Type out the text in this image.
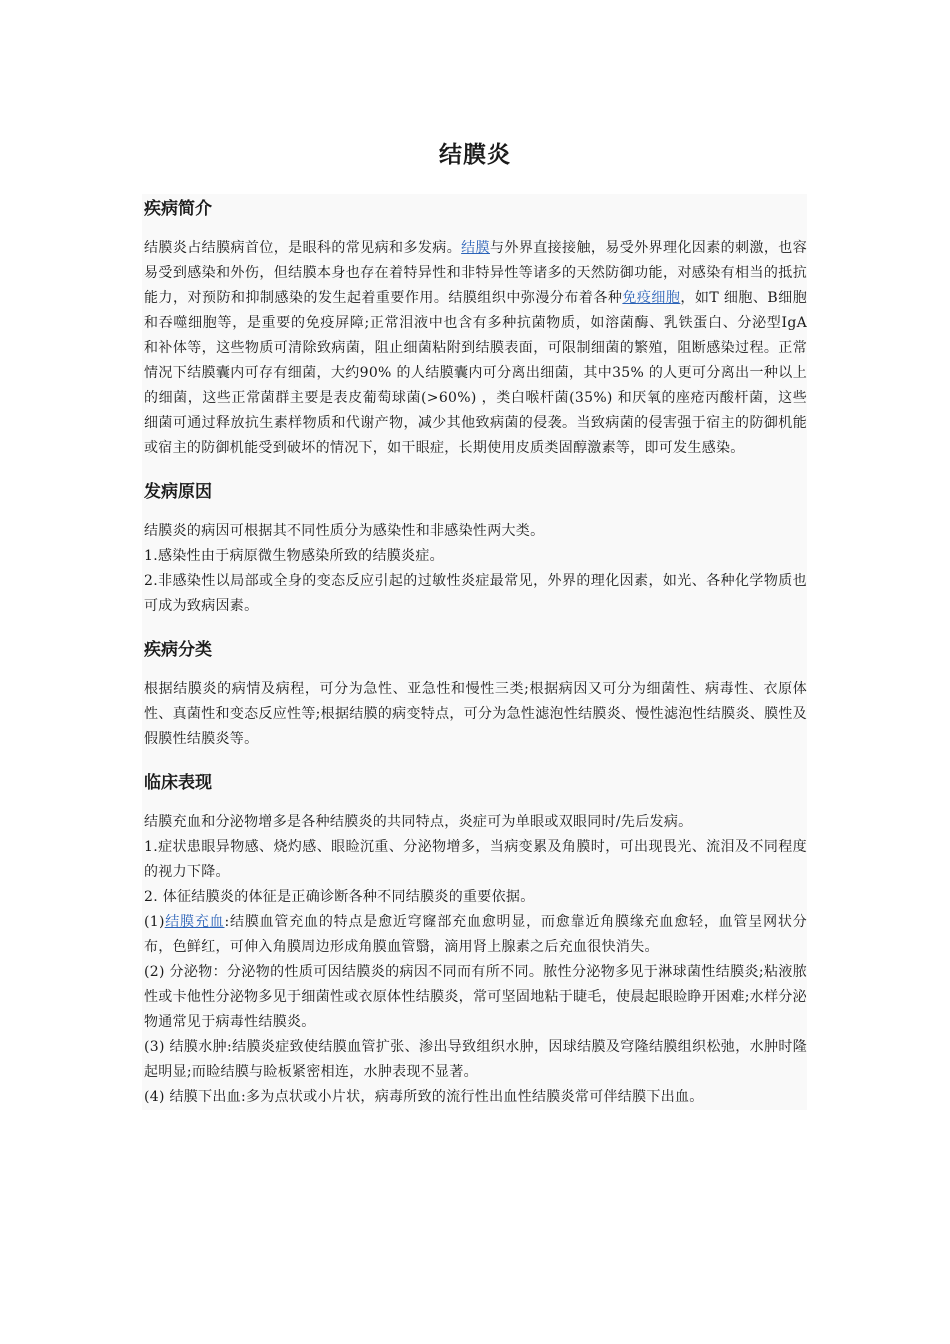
结膜炎
疾病简介

结膜炎占结膜病首位，是眼科的常见病和多发病。结膜与外界直接接触，易受外界理化因素的刺激，也容易受到感染和外伤，但结膜本身也存在着特异性和非特异性等诸多的天然防御功能，对感染有相当的抵抗能力，对预防和抑制感染的发生起着重要作用。结膜组织中弥漫分布着各种免疫细胞，如T 细胞、B细胞和吞噬细胞等，是重要的免疫屏障;正常泪液中也含有多种抗菌物质，如溶菌酶、乳铁蛋白、分泌型IgA 和补体等，这些物质可清除致病菌，阻止细菌粘附到结膜表面，可限制细菌的繁殖，阻断感染过程。正常情况下结膜囊内可存有细菌，大约90% 的人结膜囊内可分离出细菌，其中35% 的人更可分离出一种以上的细菌，这些正常菌群主要是表皮葡萄球菌(>60%) ，类白喉杆菌(35%) 和厌氧的座疮丙酸杆菌，这些细菌可通过释放抗生素样物质和代谢产物，减少其他致病菌的侵袭。当致病菌的侵害强于宿主的防御机能或宿主的防御机能受到破坏的情况下，如干眼症，长期使用皮质类固醇激素等，即可发生感染。

发病原因

结膜炎的病因可根据其不同性质分为感染性和非感染性两大类。

1.感染性由于病原微生物感染所致的结膜炎症。

2.非感染性以局部或全身的变态反应引起的过敏性炎症最常见，外界的理化因素，如光、各种化学物质也可成为致病因素。

疾病分类

根据结膜炎的病情及病程，可分为急性、亚急性和慢性三类;根据病因又可分为细菌性、病毒性、衣原体性、真菌性和变态反应性等;根据结膜的病变特点，可分为急性滤泡性结膜炎、慢性滤泡性结膜炎、膜性及假膜性结膜炎等。

临床表现

结膜充血和分泌物增多是各种结膜炎的共同特点，炎症可为单眼或双眼同时/先后发病。

1.症状患眼异物感、烧灼感、眼睑沉重、分泌物增多，当病变累及角膜时，可出现畏光、流泪及不同程度的视力下降。

2. 体征结膜炎的体征是正确诊断各种不同结膜炎的重要依据。

(1)结膜充血:结膜血管充血的特点是愈近穹窿部充血愈明显，而愈靠近角膜缘充血愈轻，血管呈网状分布，色鲜红，可伸入角膜周边形成角膜血管翳，滴用肾上腺素之后充血很快消失。

(2) 分泌物：分泌物的性质可因结膜炎的病因不同而有所不同。脓性分泌物多见于淋球菌性结膜炎;粘液脓性或卡他性分泌物多见于细菌性或衣原体性结膜炎，常可坚固地粘于睫毛，使晨起眼睑睁开困难;水样分泌物通常见于病毒性结膜炎。

(3) 结膜水肿:结膜炎症致使结膜血管扩张、渗出导致组织水肿，因球结膜及穹隆结膜组织松弛，水肿时隆起明显;而睑结膜与睑板紧密相连，水肿表现不显著。

(4) 结膜下出血:多为点状或小片状，病毒所致的流行性出血性结膜炎常可伴结膜下出血。
